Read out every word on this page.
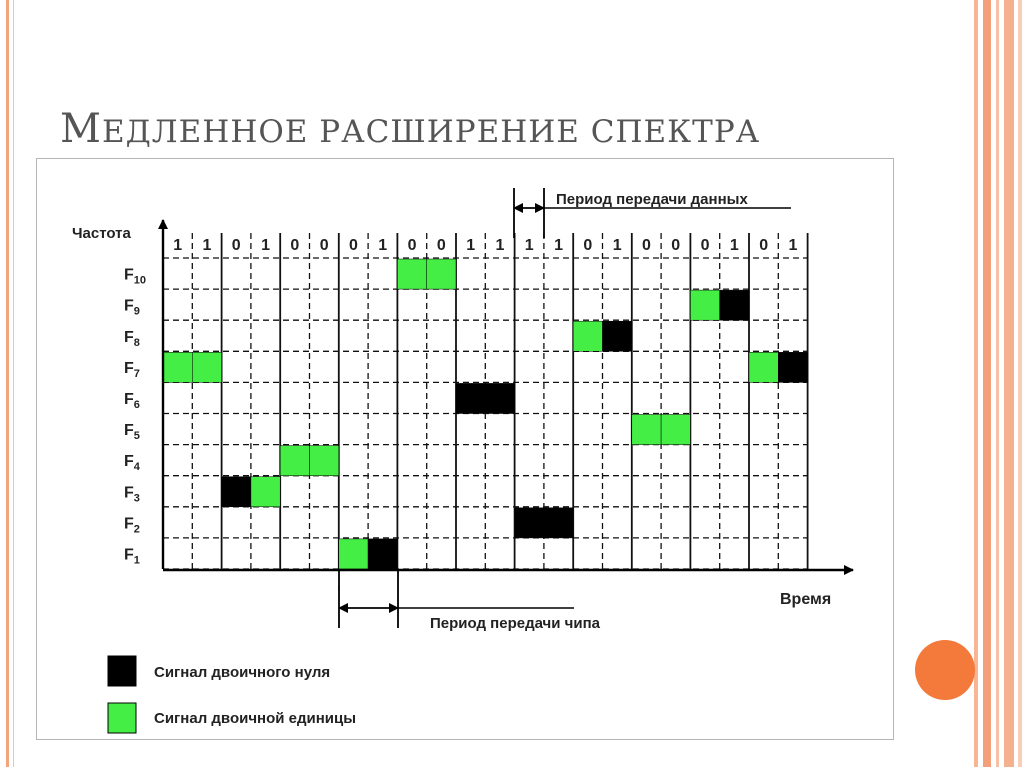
МЕДЛЕННОЕ РАСШИРЕНИЕ СПЕКТРА
1 1 0 1 0 0 0 1 0 0 1 1 1 1 0 1 0 0 0 1 0 1
$F_{10}$
$F_9$
$F_8$
$F_7$
$F_6$
$F_5$
$F_4$
$F_3$
$F_2$
$F_1$
Частота
Время
Период передачи данных
Период передачи чипа
Сигнал двоичного нуля
Сигнал двоичной единицы
